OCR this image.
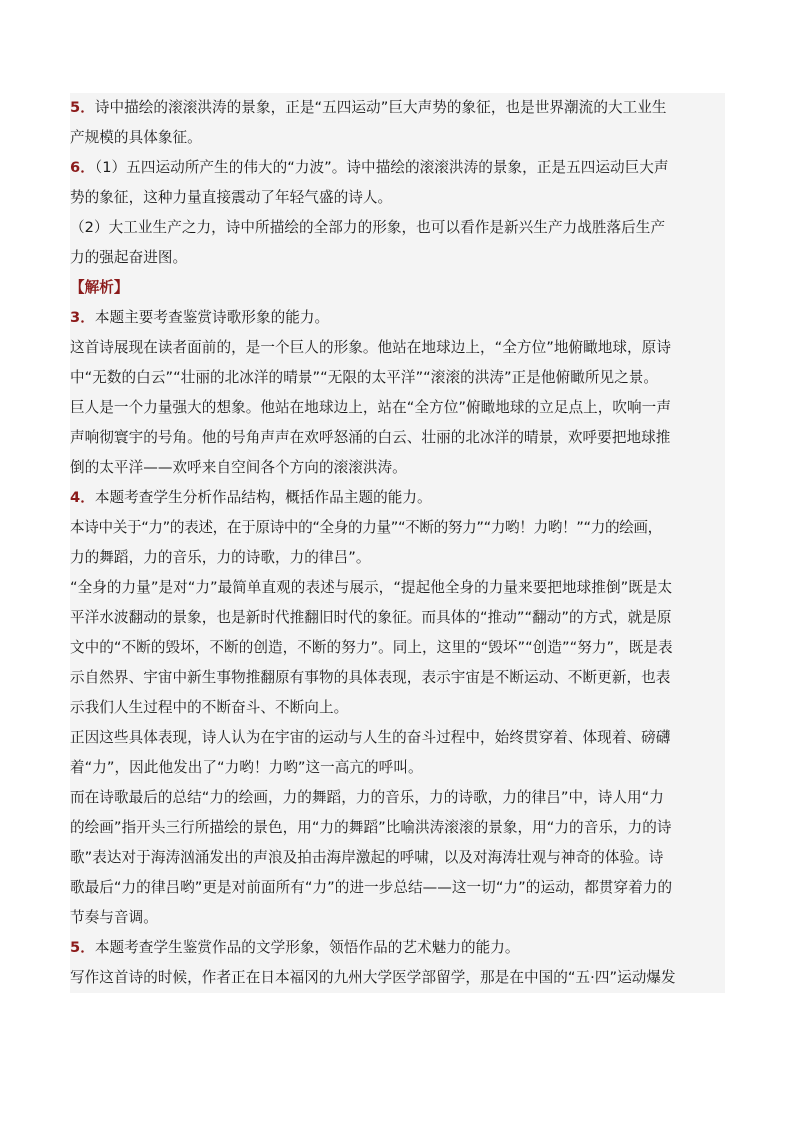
5．诗中描绘的滚滚洪涛的景象，正是“五四运动”巨大声势的象征，也是世界潮流的大工业生
产规模的具体象征。
6．（1）五四运动所产生的伟大的“力波”。诗中描绘的滚滚洪涛的景象，正是五四运动巨大声
势的象征，这种力量直接震动了年轻气盛的诗人。
（2）大工业生产之力，诗中所描绘的全部力的形象，也可以看作是新兴生产力战胜落后生产
力的强起奋进图。
【解析】
3．本题主要考查鉴赏诗歌形象的能力。
这首诗展现在读者面前的，是一个巨人的形象。他站在地球边上，“全方位”地俯瞰地球，原诗
中“无数的白云”“壮丽的北冰洋的晴景”“无限的太平洋”“滚滚的洪涛”正是他俯瞰所见之景。
巨人是一个力量强大的想象。他站在地球边上，站在“全方位”俯瞰地球的立足点上，吹响一声
声响彻寰宇的号角。他的号角声声在欢呼怒涌的白云、壮丽的北冰洋的晴景，欢呼要把地球推
倒的太平洋——欢呼来自空间各个方向的滚滚洪涛。
4．本题考查学生分析作品结构，概括作品主题的能力。
本诗中关于“力”的表述，在于原诗中的“全身的力量”“不断的努力”“力哟！力哟！”“力的绘画，
力的舞蹈，力的音乐，力的诗歌，力的律吕”。
“全身的力量”是对“力”最简单直观的表述与展示，“提起他全身的力量来要把地球推倒”既是太
平洋水波翻动的景象，也是新时代推翻旧时代的象征。而具体的“推动”“翻动”的方式，就是原
文中的“不断的毁坏，不断的创造，不断的努力”。同上，这里的“毁坏”“创造”“努力”，既是表
示自然界、宇宙中新生事物推翻原有事物的具体表现，表示宇宙是不断运动、不断更新，也表
示我们人生过程中的不断奋斗、不断向上。
正因这些具体表现，诗人认为在宇宙的运动与人生的奋斗过程中，始终贯穿着、体现着、磅礴
着“力”，因此他发出了“力哟！力哟”这一高亢的呼叫。
而在诗歌最后的总结“力的绘画，力的舞蹈，力的音乐，力的诗歌，力的律吕”中，诗人用“力
的绘画”指开头三行所描绘的景色，用“力的舞蹈”比喻洪涛滚滚的景象，用“力的音乐，力的诗
歌”表达对于海涛汹涌发出的声浪及拍击海岸激起的呼啸，以及对海涛壮观与神奇的体验。诗
歌最后“力的律吕哟”更是对前面所有“力”的进一步总结——这一切“力”的运动，都贯穿着力的
节奏与音调。
5．本题考查学生鉴赏作品的文学形象，领悟作品的艺术魅力的能力。
写作这首诗的时候，作者正在日本福冈的九州大学医学部留学，那是在中国的“五·四”运动爆发
